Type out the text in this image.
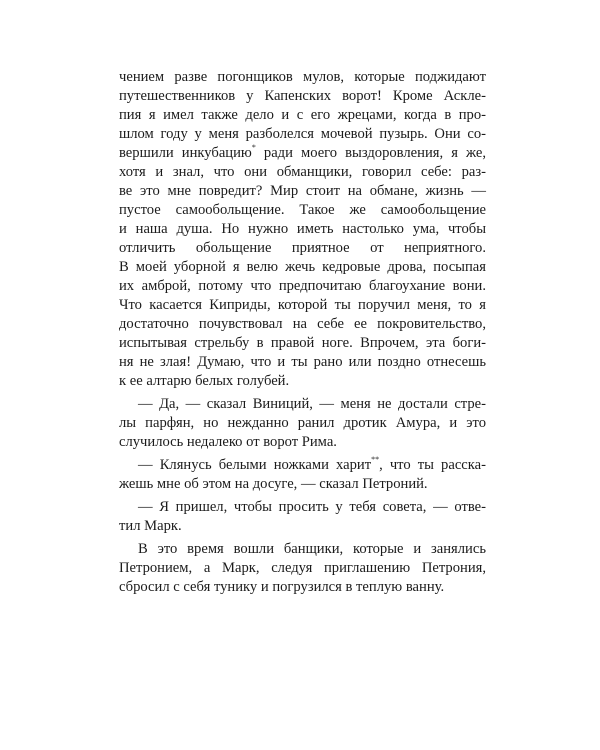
чением разве погонщиков мулов, которые поджидают
путешественников у Капенских ворот! Кроме Аскле-
пия я имел также дело и с его жрецами, когда в про-
шлом году у меня разболелся мочевой пузырь. Они со-
вершили инкубацию* ради моего выздоровления, я же,
хотя и знал, что они обманщики, говорил себе: раз-
ве это мне повредит? Мир стоит на обмане, жизнь —
пустое самообольщение. Такое же самообольщение
и наша душа. Но нужно иметь настолько ума, чтобы
отличить обольщение приятное от неприятного.
В моей уборной я велю жечь кедровые дрова, посыпая
их амброй, потому что предпочитаю благоухание вони.
Что касается Киприды, которой ты поручил меня, то я
достаточно почувствовал на себе ее покровительство,
испытывая стрельбу в правой ноге. Впрочем, эта боги-
ня не злая! Думаю, что и ты рано или поздно отнесешь
к ее алтарю белых голубей.
— Да, — сказал Виниций, — меня не достали стре-
лы парфян, но нежданно ранил дротик Амура, и это
случилось недалеко от ворот Рима.
— Клянусь белыми ножками харит**, что ты расска-
жешь мне об этом на досуге, — сказал Петроний.
— Я пришел, чтобы просить у тебя совета, — отве-
тил Марк.
В это время вошли банщики, которые и занялись
Петронием, а Марк, следуя приглашению Петрония,
сбросил с себя тунику и погрузился в теплую ванну.
